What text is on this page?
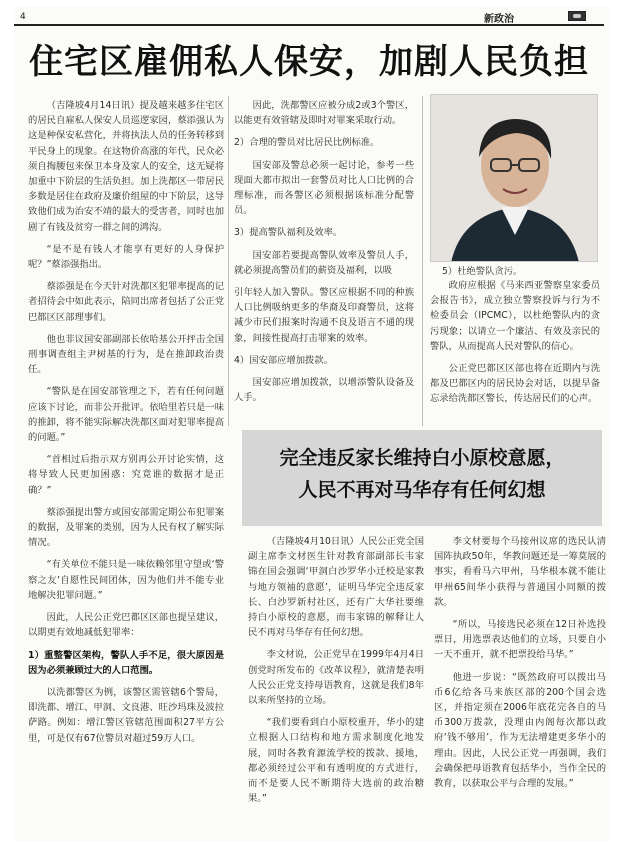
4	新政治
住宅区雇佣私人保安，加剧人民负担

（吉隆坡4月14日讯）提及越来越多住宅区的居民自雇私人保安人员巡逻家园，蔡添强认为这是种保安私营化，并将执法人员的任务转移到平民身上的现象。在这物价高涨的年代，民众必须自掏腰包来保卫本身及家人的安全，这无疑将加重中下阶层的生活负担。加上洗都区一带居民多数是居住在政府及廉价组屋的中下阶层，这导致他们成为治安不靖的最大的受害者，同时也加剧了有钱及贫穷一群之间的鸿沟。

“是不是有钱人才能享有更好的人身保护呢？”蔡添强指出。

蔡添强是在今天针对洗都区犯罪率提高的记者招待会中如此表示，陪同出席者包括了公正党巴都区区部理事们。

他也非议国安部副部长依哈基公开抨击全国刑事调查组主尹树基的行为，是在推卸政治责任。

“警队是在国安部管理之下，若有任何问题应该下讨论，而非公开批评。依哈里若只是一味的推卸，将不能实际解决洗都区面对犯罪率提高的问题。”

“首相过后指示双方别再公开讨论实情，这将导致人民更加困惑：究竟谁的数据才是正确？”

蔡添强提出警方或国安部需定期公布犯罪案的数据，及罪案的类别，因为人民有权了解实际情况。

“有关单位不能只是一味依赖邻里守望或‘警察之友’自愿性民间团体，因为他们并不能专业地解决犯罪问题。”

因此，人民公正党巴都区区部也提呈建议，以期更有效地减低犯罪率：

1）重整警区架构，警队人手不足，很大原因是因为必须兼顾过大的人口范围。

以洗都警区为例，该警区需管辖6个警局，即洗都、增江、甲洞、文良港、旺沙玛珠及波拉萨路。例如：增江警区管辖范围面积27平方公里，可是仅有67位警员对超过59万人口。

因此，洗都警区应被分成2或3个警区，以能更有效管辖及即时对罪案采取行动。

2）合理的警员对比居民比例标准。

国安部及警总必须一起讨论，参考一些现面大都市拟出一套警员对比人口比例的合理标准，而各警区必须根据该标准分配警员。

3）提高警队福利及效率。

国安部若要提高警队效率及警员人手，就必须提高警员们的薪资及福利，以吸

引年轻人加入警队。警区应根据不同的种族人口比例吸纳更多的华裔及印裔警员，这将减少市民们报案时沟通不良及语言不通的现象，间接性提高打击罪案的效率。

4）国安部应增加拨款。

国安部应增加拨款，以增添警队设备及人手。

5）杜绝警队贪污。

政府应根据《马来西亚警察皇家委员会报告书》，成立独立警察投诉与行为不检委员会（IPCMC），以杜绝警队内的贪污现象；以请立一个廉洁、有效及亲民的警队，从而提高人民对警队的信心。

公正党巴都区区部也将在近期内与洗都及巴都区内的居民协会对话，以提早备忘录给洗都区警长，传达居民们的心声。

完全违反家长维持白小原校意愿，
人民不再对马华存有任何幻想

（吉隆坡4月10日讯）人民公正党全国副主席李文材医生针对教育部副部长韦家锦在国会强调‘甲洞白沙罗华小迁校是家教与地方领袖的意愿’，证明马华完全违反家长、白沙罗新村社区，还有广大华社要维持白小原校的意愿，而韦家锦的解释让人民不再对马华存有任何幻想。

李文材说，公正党早在1999年4月4日创党时所发布的《改革议程》，就清楚表明人民公正党支持母语教育，这就是我们8年以来所坚持的立场。

“我们要看到白小原校重开，华小的建立根据人口结构和地方需求制度化地发展，同时各教育源流学校的拨款、援地，都必须经过公平和有透明度的方式进行，而不是要人民不断期待大选前的政治糖果。”

李文材要每个马接州议席的选民认清国阵执政50年，华教问题还是一筹莫展的事实，看看马六甲州，马华根本就不能让甲州65间华小获得与普通国小同额的拨款。

“所以，马接选民必须在12日补选投票日，用选票表达他们的立场，只要自小一天不重开，就不把票投给马华。”

他进一步说：“既然政府可以拨出马币6亿给各马来族区部的200个国会选区，并指定须在2006年底花完各自的马币300万拨款，没理由内阁每次都以政府‘钱不够用’，作为无法增建更多华小的理由。因此，人民公正党一再强调，我们会确保把母语教育包括华小，当作全民的教育，以获取公平与合理的发展。”
